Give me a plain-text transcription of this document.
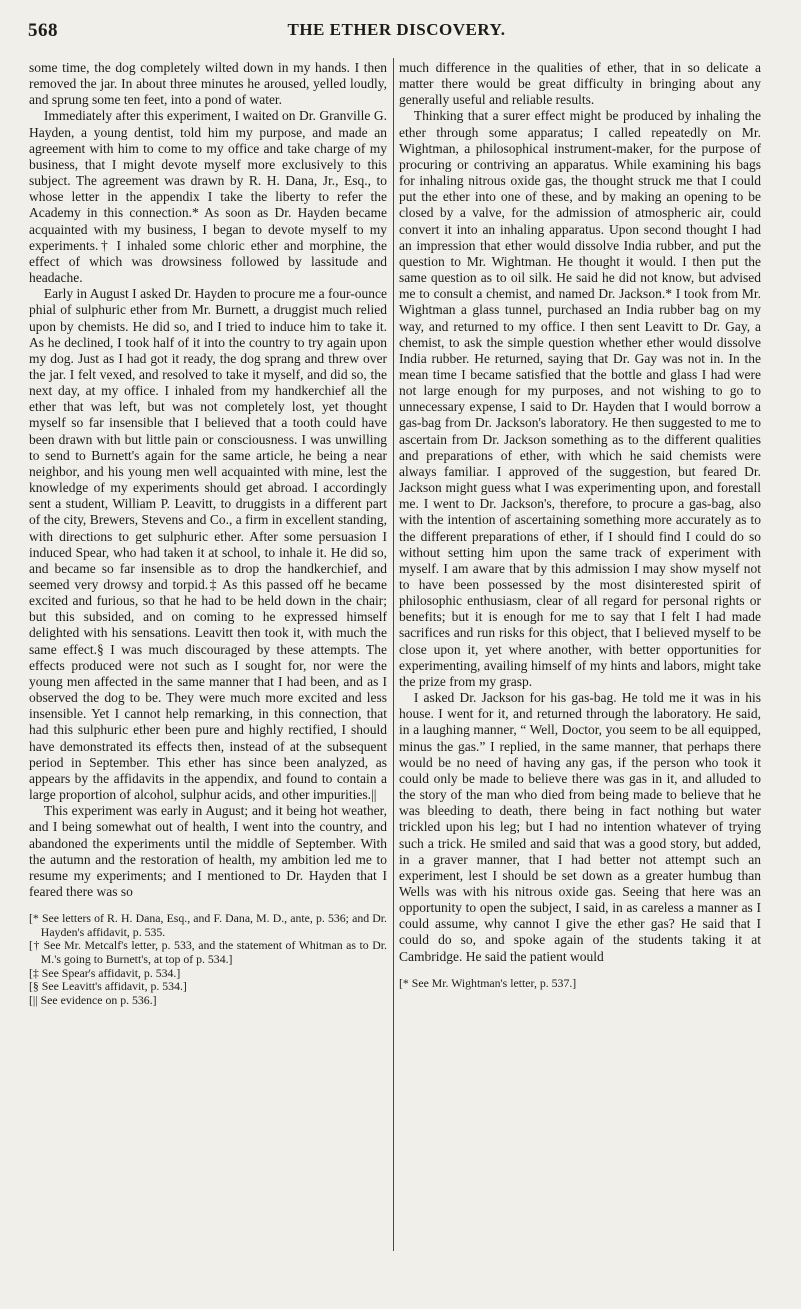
568	THE ETHER DISCOVERY.

some time, the dog completely wilted down in my hands. I then removed the jar. In about three minutes he aroused, yelled loudly, and sprung some ten feet, into a pond of water.

Immediately after this experiment, I waited on Dr. Granville G. Hayden, a young dentist, told him my purpose, and made an agreement with him to come to my office and take charge of my business, that I might devote myself more exclusively to this subject. The agreement was drawn by R. H. Dana, Jr., Esq., to whose letter in the appendix I take the liberty to refer the Academy in this connection.* As soon as Dr. Hayden became acquainted with my business, I began to devote myself to my experiments.† I inhaled some chloric ether and morphine, the effect of which was drowsiness followed by lassitude and headache.

Early in August I asked Dr. Hayden to procure me a four-ounce phial of sulphuric ether from Mr. Burnett, a druggist much relied upon by chemists. He did so, and I tried to induce him to take it. As he declined, I took half of it into the country to try again upon my dog. Just as I had got it ready, the dog sprang and threw over the jar. I felt vexed, and resolved to take it myself, and did so, the next day, at my office. I inhaled from my handkerchief all the ether that was left, but was not completely lost, yet thought myself so far insensible that I believed that a tooth could have been drawn with but little pain or consciousness. I was unwilling to send to Burnett's again for the same article, he being a near neighbor, and his young men well acquainted with mine, lest the knowledge of my experiments should get abroad. I accordingly sent a student, William P. Leavitt, to druggists in a different part of the city, Brewers, Stevens and Co., a firm in excellent standing, with directions to get sulphuric ether. After some persuasion I induced Spear, who had taken it at school, to inhale it. He did so, and became so far insensible as to drop the handkerchief, and seemed very drowsy and torpid.‡ As this passed off he became excited and furious, so that he had to be held down in the chair; but this subsided, and on coming to he expressed himself delighted with his sensations. Leavitt then took it, with much the same effect.§ I was much discouraged by these attempts. The effects produced were not such as I sought for, nor were the young men affected in the same manner that I had been, and as I observed the dog to be. They were much more excited and less insensible. Yet I cannot help remarking, in this connection, that had this sulphuric ether been pure and highly rectified, I should have demonstrated its effects then, instead of at the subsequent period in September. This ether has since been analyzed, as appears by the affidavits in the appendix, and found to contain a large proportion of alcohol, sulphur acids, and other impurities.||

This experiment was early in August; and it being hot weather, and I being somewhat out of health, I went into the country, and abandoned the experiments until the middle of September. With the autumn and the restoration of health, my ambition led me to resume my experiments; and I mentioned to Dr. Hayden that I feared there was so

[* See letters of R. H. Dana, Esq., and F. Dana, M. D., ante, p. 536; and Dr. Hayden's affidavit, p. 535.
[† See Mr. Metcalf's letter, p. 533, and the statement of Whitman as to Dr. M.'s going to Burnett's, at top of p. 534.]
[‡ See Spear's affidavit, p. 534.]
[§ See Leavitt's affidavit, p. 534.]
[|| See evidence on p. 536.]

much difference in the qualities of ether, that in so delicate a matter there would be great difficulty in bringing about any generally useful and reliable results.

Thinking that a surer effect might be produced by inhaling the ether through some apparatus; I called repeatedly on Mr. Wightman, a philosophical instrument-maker, for the purpose of procuring or contriving an apparatus. While examining his bags for inhaling nitrous oxide gas, the thought struck me that I could put the ether into one of these, and by making an opening to be closed by a valve, for the admission of atmospheric air, could convert it into an inhaling apparatus. Upon second thought I had an impression that ether would dissolve India rubber, and put the question to Mr. Wightman. He thought it would. I then put the same question as to oil silk. He said he did not know, but advised me to consult a chemist, and named Dr. Jackson.* I took from Mr. Wightman a glass tunnel, purchased an India rubber bag on my way, and returned to my office. I then sent Leavitt to Dr. Gay, a chemist, to ask the simple question whether ether would dissolve India rubber. He returned, saying that Dr. Gay was not in. In the mean time I became satisfied that the bottle and glass I had were not large enough for my purposes, and not wishing to go to unnecessary expense, I said to Dr. Hayden that I would borrow a gas-bag from Dr. Jackson's laboratory. He then suggested to me to ascertain from Dr. Jackson something as to the different qualities and preparations of ether, with which he said chemists were always familiar. I approved of the suggestion, but feared Dr. Jackson might guess what I was experimenting upon, and forestall me. I went to Dr. Jackson's, therefore, to procure a gas-bag, also with the intention of ascertaining something more accurately as to the different preparations of ether, if I should find I could do so without setting him upon the same track of experiment with myself. I am aware that by this admission I may show myself not to have been possessed by the most disinterested spirit of philosophic enthusiasm, clear of all regard for personal rights or benefits; but it is enough for me to say that I felt I had made sacrifices and run risks for this object, that I believed myself to be close upon it, yet where another, with better opportunities for experimenting, availing himself of my hints and labors, might take the prize from my grasp.

I asked Dr. Jackson for his gas-bag. He told me it was in his house. I went for it, and returned through the laboratory. He said, in a laughing manner, “ Well, Doctor, you seem to be all equipped, minus the gas.” I replied, in the same manner, that perhaps there would be no need of having any gas, if the person who took it could only be made to believe there was gas in it, and alluded to the story of the man who died from being made to believe that he was bleeding to death, there being in fact nothing but water trickled upon his leg; but I had no intention whatever of trying such a trick. He smiled and said that was a good story, but added, in a graver manner, that I had better not attempt such an experiment, lest I should be set down as a greater humbug than Wells was with his nitrous oxide gas. Seeing that here was an opportunity to open the subject, I said, in as careless a manner as I could assume, why cannot I give the ether gas? He said that I could do so, and spoke again of the students taking it at Cambridge. He said the patient would

[* See Mr. Wightman's letter, p. 537.]
